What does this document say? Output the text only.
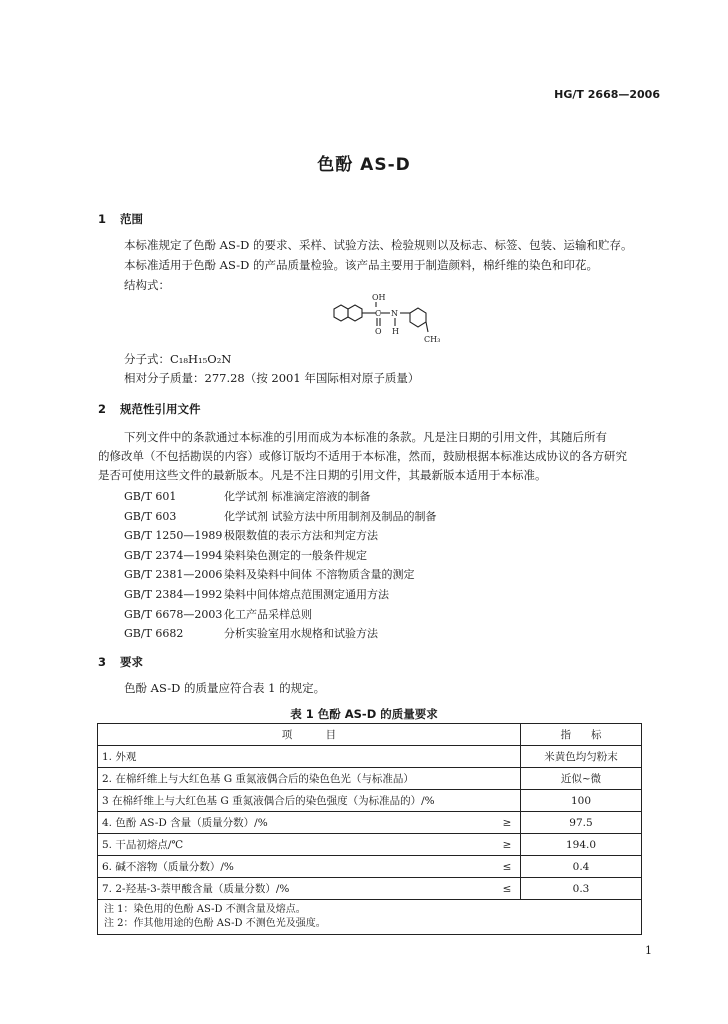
HG/T 2668—2006
色酚 AS-D
1 范围
本标准规定了色酚 AS-D 的要求、采样、试验方法、检验规则以及标志、标签、包装、运输和贮存。
本标准适用于色酚 AS-D 的产品质量检验。该产品主要用于制造颜料，棉纤维的染色和印花。
结构式：
OH
C N
O H
CH₃
分子式：C₁₈H₁₅O₂N
相对分子质量：277.28（按 2001 年国际相对原子质量）
2 规范性引用文件
下列文件中的条款通过本标准的引用而成为本标准的条款。凡是注日期的引用文件，其随后所有
的修改单（不包括勘误的内容）或修订版均不适用于本标准，然而，鼓励根据本标准达成协议的各方研究
是否可使用这些文件的最新版本。凡是不注日期的引用文件，其最新版本适用于本标准。
GB/T 601	化学试剂 标准滴定溶液的制备
GB/T 603	化学试剂 试验方法中所用制剂及制品的制备
GB/T 1250—1989 极限数值的表示方法和判定方法
GB/T 2374—1994 染料染色测定的一般条件规定
GB/T 2381—2006 染料及染料中间体 不溶物质含量的测定
GB/T 2384—1992 染料中间体熔点范围测定通用方法
GB/T 6678—2003 化工产品采样总则
GB/T 6682	分析实验室用水规格和试验方法
3 要求
色酚 AS-D 的质量应符合表 1 的规定。
表 1 色酚 AS-D 的质量要求
项          目		指      标
1. 外观		米黄色均匀粉末
2. 在棉纤维上与大红色基 G 重氮液偶合后的染色色光（与标准品）		近似~微
3 在棉纤维上与大红色基 G 重氮液偶合后的染色强度（为标准品的）/%		100
4. 色酚 AS-D 含量（质量分数）/%	≥	97.5
5. 干品初熔点/℃	≥	194.0
6. 碱不溶物（质量分数）/%	≤	0.4
7. 2-羟基-3-萘甲酸含量（质量分数）/%	≤	0.3

注 1：染色用的色酚 AS-D 不测含量及熔点。
注 2：作其他用途的色酚 AS-D 不测色光及强度。		
1
